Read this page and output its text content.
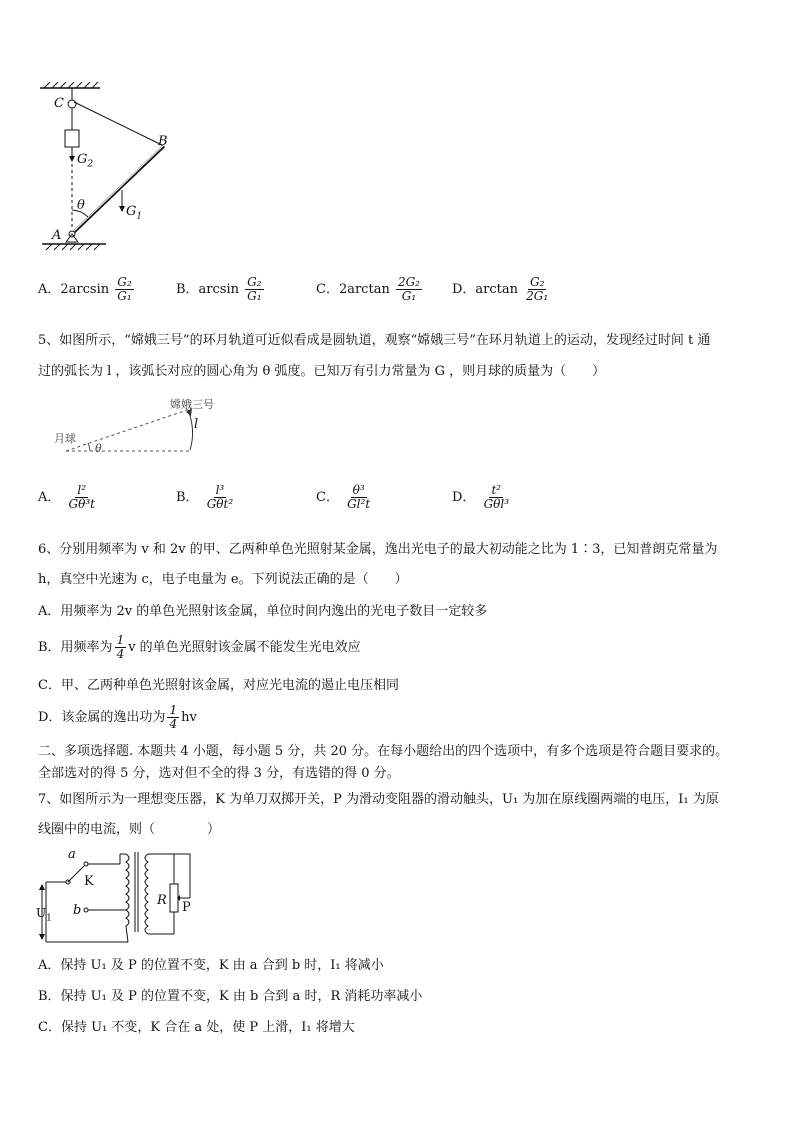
C
B
A
$G_2$
$G_1$
θ
A．$2\arcsin \frac{\text{G₂}}{\text{G₁}}$	B．$\arcsin \frac{\text{G₂}}{\text{G₁}}$	C．$2\arctan \frac{\text{2G₂}}{\text{G₁}}$ D．$\arctan \frac{\text{G₂}}{\text{2G₁}}$
5、如图所示，“嫦娥三号”的环月轨道可近似看成是圆轨道，观察“嫦娥三号”在环月轨道上的运动，发现经过时间 t 通
过的弧长为 l ，该弧长对应的圆心角为 θ 弧度。已知万有引力常量为 G ，则月球的质量为（　　）
嫦娥三号
月球
l
θ
A． $\frac{\text{l²}}{\text{Gθ³t}}$	B． $\frac{\text{l³}}{\text{Gθt²}}$	C． $\frac{\text{θ³}}{\text{Gl²t}}$	D． $\frac{\text{t²}}{\text{Gθl³}}$
6、分别用频率为 v 和 2v 的甲、乙两种单色光照射某金属，逸出光电子的最大初动能之比为 1∶3，已知普朗克常量为
h，真空中光速为 c，电子电量为 e。下列说法正确的是（　　）
A．用频率为 2v 的单色光照射该金属，单位时间内逸出的光电子数目一定较多
B．用频率为 $\frac{1}{4}$ v 的单色光照射该金属不能发生光电效应
C．甲、乙两种单色光照射该金属，对应光电流的遏止电压相同
D．该金属的逸出功为 $\frac{1}{4}$ hv
二、多项选择题. 本题共 4 小题，每小题 5 分，共 20 分。在每小题给出的四个选项中，有多个选项是符合题目要求的。
全部选对的得 5 分，选对但不全的得 3 分，有选错的得 0 分。
7、如图所示为一理想变压器，K 为单刀双掷开关，P 为滑动变阻器的滑动触头，U₁ 为加在原线圈两端的电压，I₁ 为原
线圈中的电流，则（　　　　）
a
b
K
$U_1$
R P
A．保持 U₁ 及 P 的位置不变，K 由 a 合到 b 时，I₁ 将减小
B．保持 U₁ 及 P 的位置不变，K 由 b 合到 a 时，R 消耗功率减小
C．保持 U₁ 不变，K 合在 a 处，使 P 上滑，I₁ 将增大
